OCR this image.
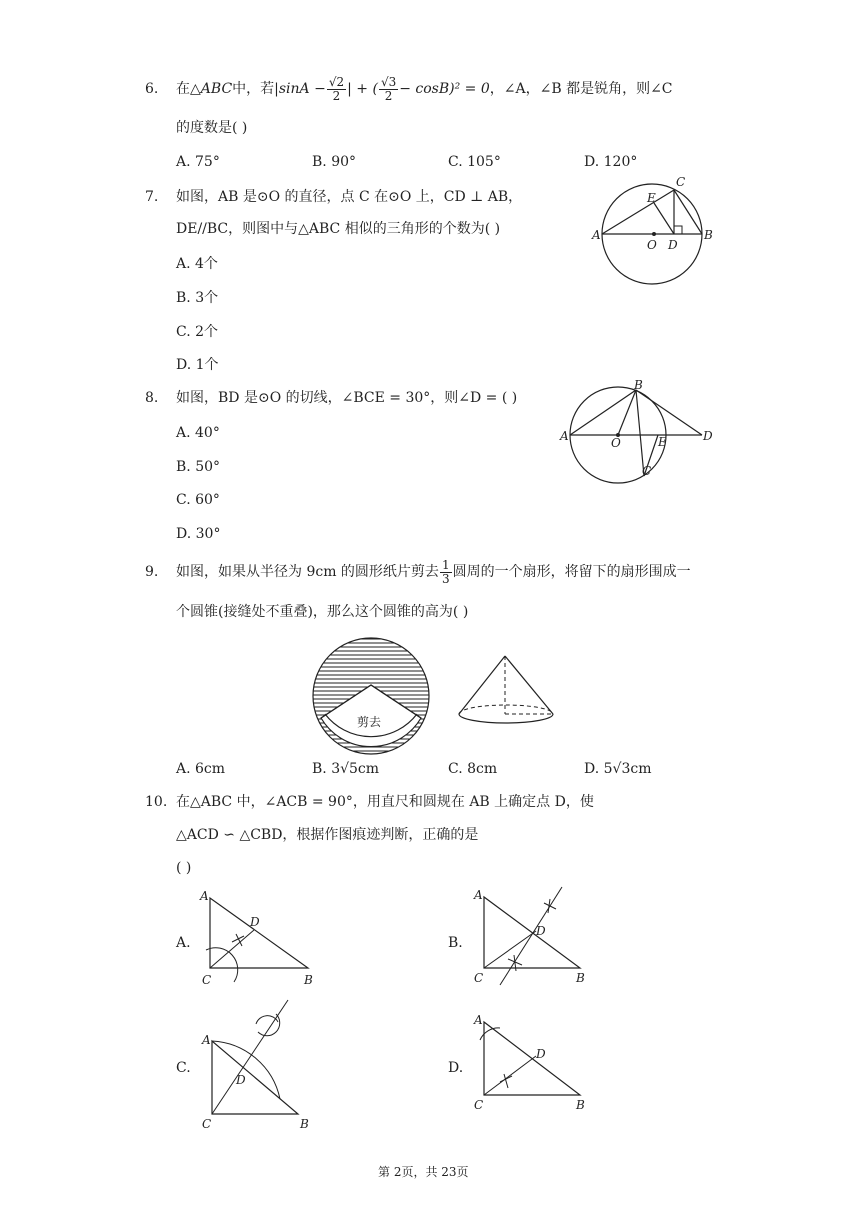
6. 在△ABC中，若$|\sin A - \frac{√2}{2}$ | + ( $\frac{√3}{2} - \cos B)^2 = 0$，∠A，∠B 都是锐角，则∠C
的度数是( )
A. 75°	B. 90°	C. 105°	D. 120°
7. 如图，AB 是⊙O 的直径，点 C 在⊙O 上，CD ⊥ AB，
DE//BC，则图中与△ABC 相似的三角形的个数为( )
A. 4个
B. 3个
C. 2个
D. 1个
A	B
C
D
E
O
8. 如图，BD 是⊙O 的切线，∠BCE = 30°，则∠D = ( )
A. 40°
B. 50°
C. 60°
D. 30°
A
B
C
D
E
O
9. 如图，如果从半径为 9cm 的圆形纸片剪去 $\frac{1}{3}$ 圆周的一个扇形，将留下的扇形围成一
个圆锥(接缝处不重叠)，那么这个圆锥的高为( )
剪去
A. 6cm	B. 3√5cm	C. 8cm	D. 5√3cm
10. 在△ABC 中，∠ACB = 90°，用直尺和圆规在 AB 上确定点 D，使
△ACD ∽ △CBD，根据作图痕迹判断，正确的是
( )
A.	B.
C.	D.
A
D
C	B
A
D
C	B
A
D
C	B
A
D
C	B
第 2页，共 23页
